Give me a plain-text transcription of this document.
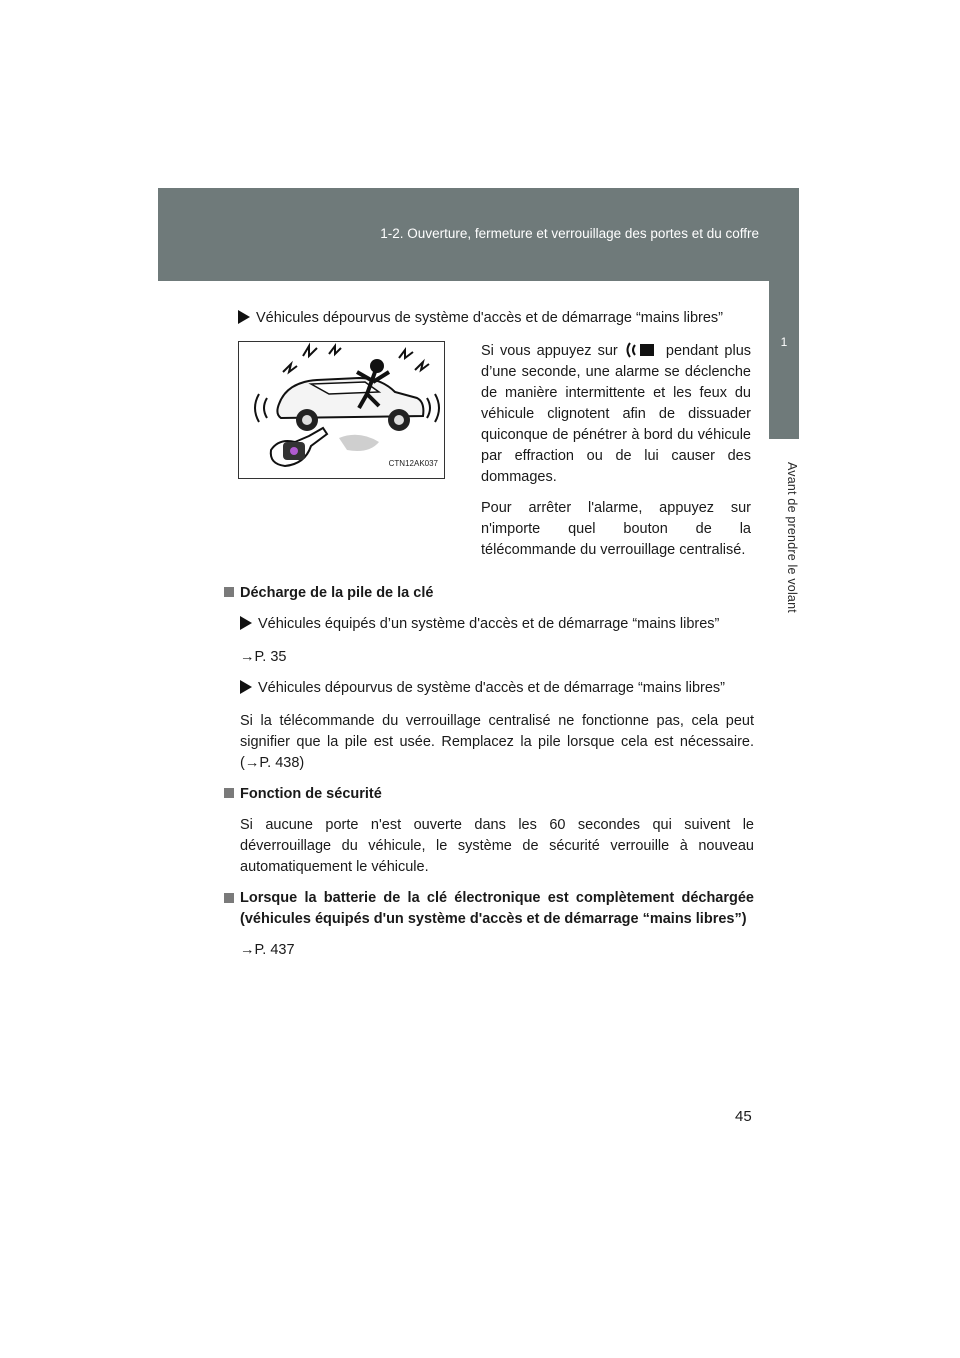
1-2. Ouverture, fermeture et verrouillage des portes et du coffre
1
Avant de prendre le volant
Véhicules dépourvus de système d'accès et de démarrage “mains libres”
CTN12AK037

Si vous appuyez sur	pendant plus d’une seconde, une alarme se déclenche de manière intermittente et les feux du véhicule clignotent afin de dissuader quiconque de pénétrer à bord du véhicule par effraction ou de lui causer des dommages.

Pour arrêter l'alarme, appuyez sur n'importe quel bouton de la télécommande du verrouillage centralisé.

Décharge de la pile de la clé
Véhicules équipés d’un système d'accès et de démarrage “mains libres”
→P. 35
Véhicules dépourvus de système d'accès et de démarrage “mains libres”
Si la télécommande du verrouillage centralisé ne fonctionne pas, cela peut signifier que la pile est usée. Remplacez la pile lorsque cela est nécessaire. (→P. 438)
Fonction de sécurité
Si aucune porte n'est ouverte dans les 60 secondes qui suivent le déverrouillage du véhicule, le système de sécurité verrouille à nouveau automatiquement le véhicule.
Lorsque la batterie de la clé électronique est complètement déchargée (véhicules équipés d'un système d'accès et de démarrage “mains libres”)
→P. 437
45
